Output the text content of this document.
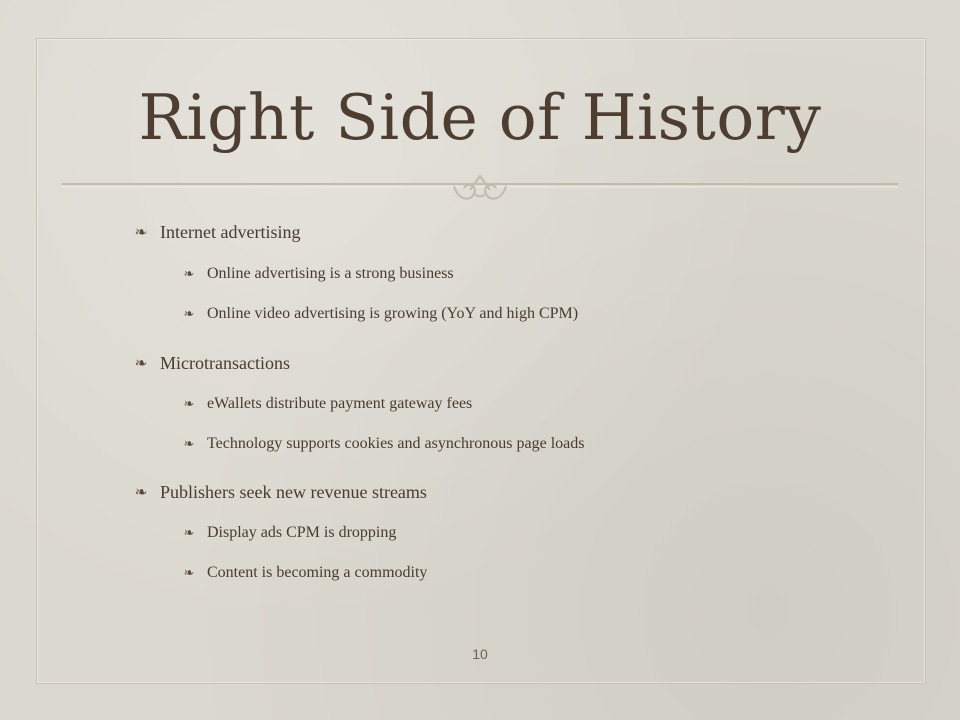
Right Side of History
❧ Internet advertising
❧ Online advertising is a strong business
❧ Online video advertising is growing (YoY and high CPM)
❧ Microtransactions
❧ eWallets distribute payment gateway fees
❧ Technology supports cookies and asynchronous page loads
❧ Publishers seek new revenue streams
❧ Display ads CPM is dropping
❧ Content is becoming a commodity
10
